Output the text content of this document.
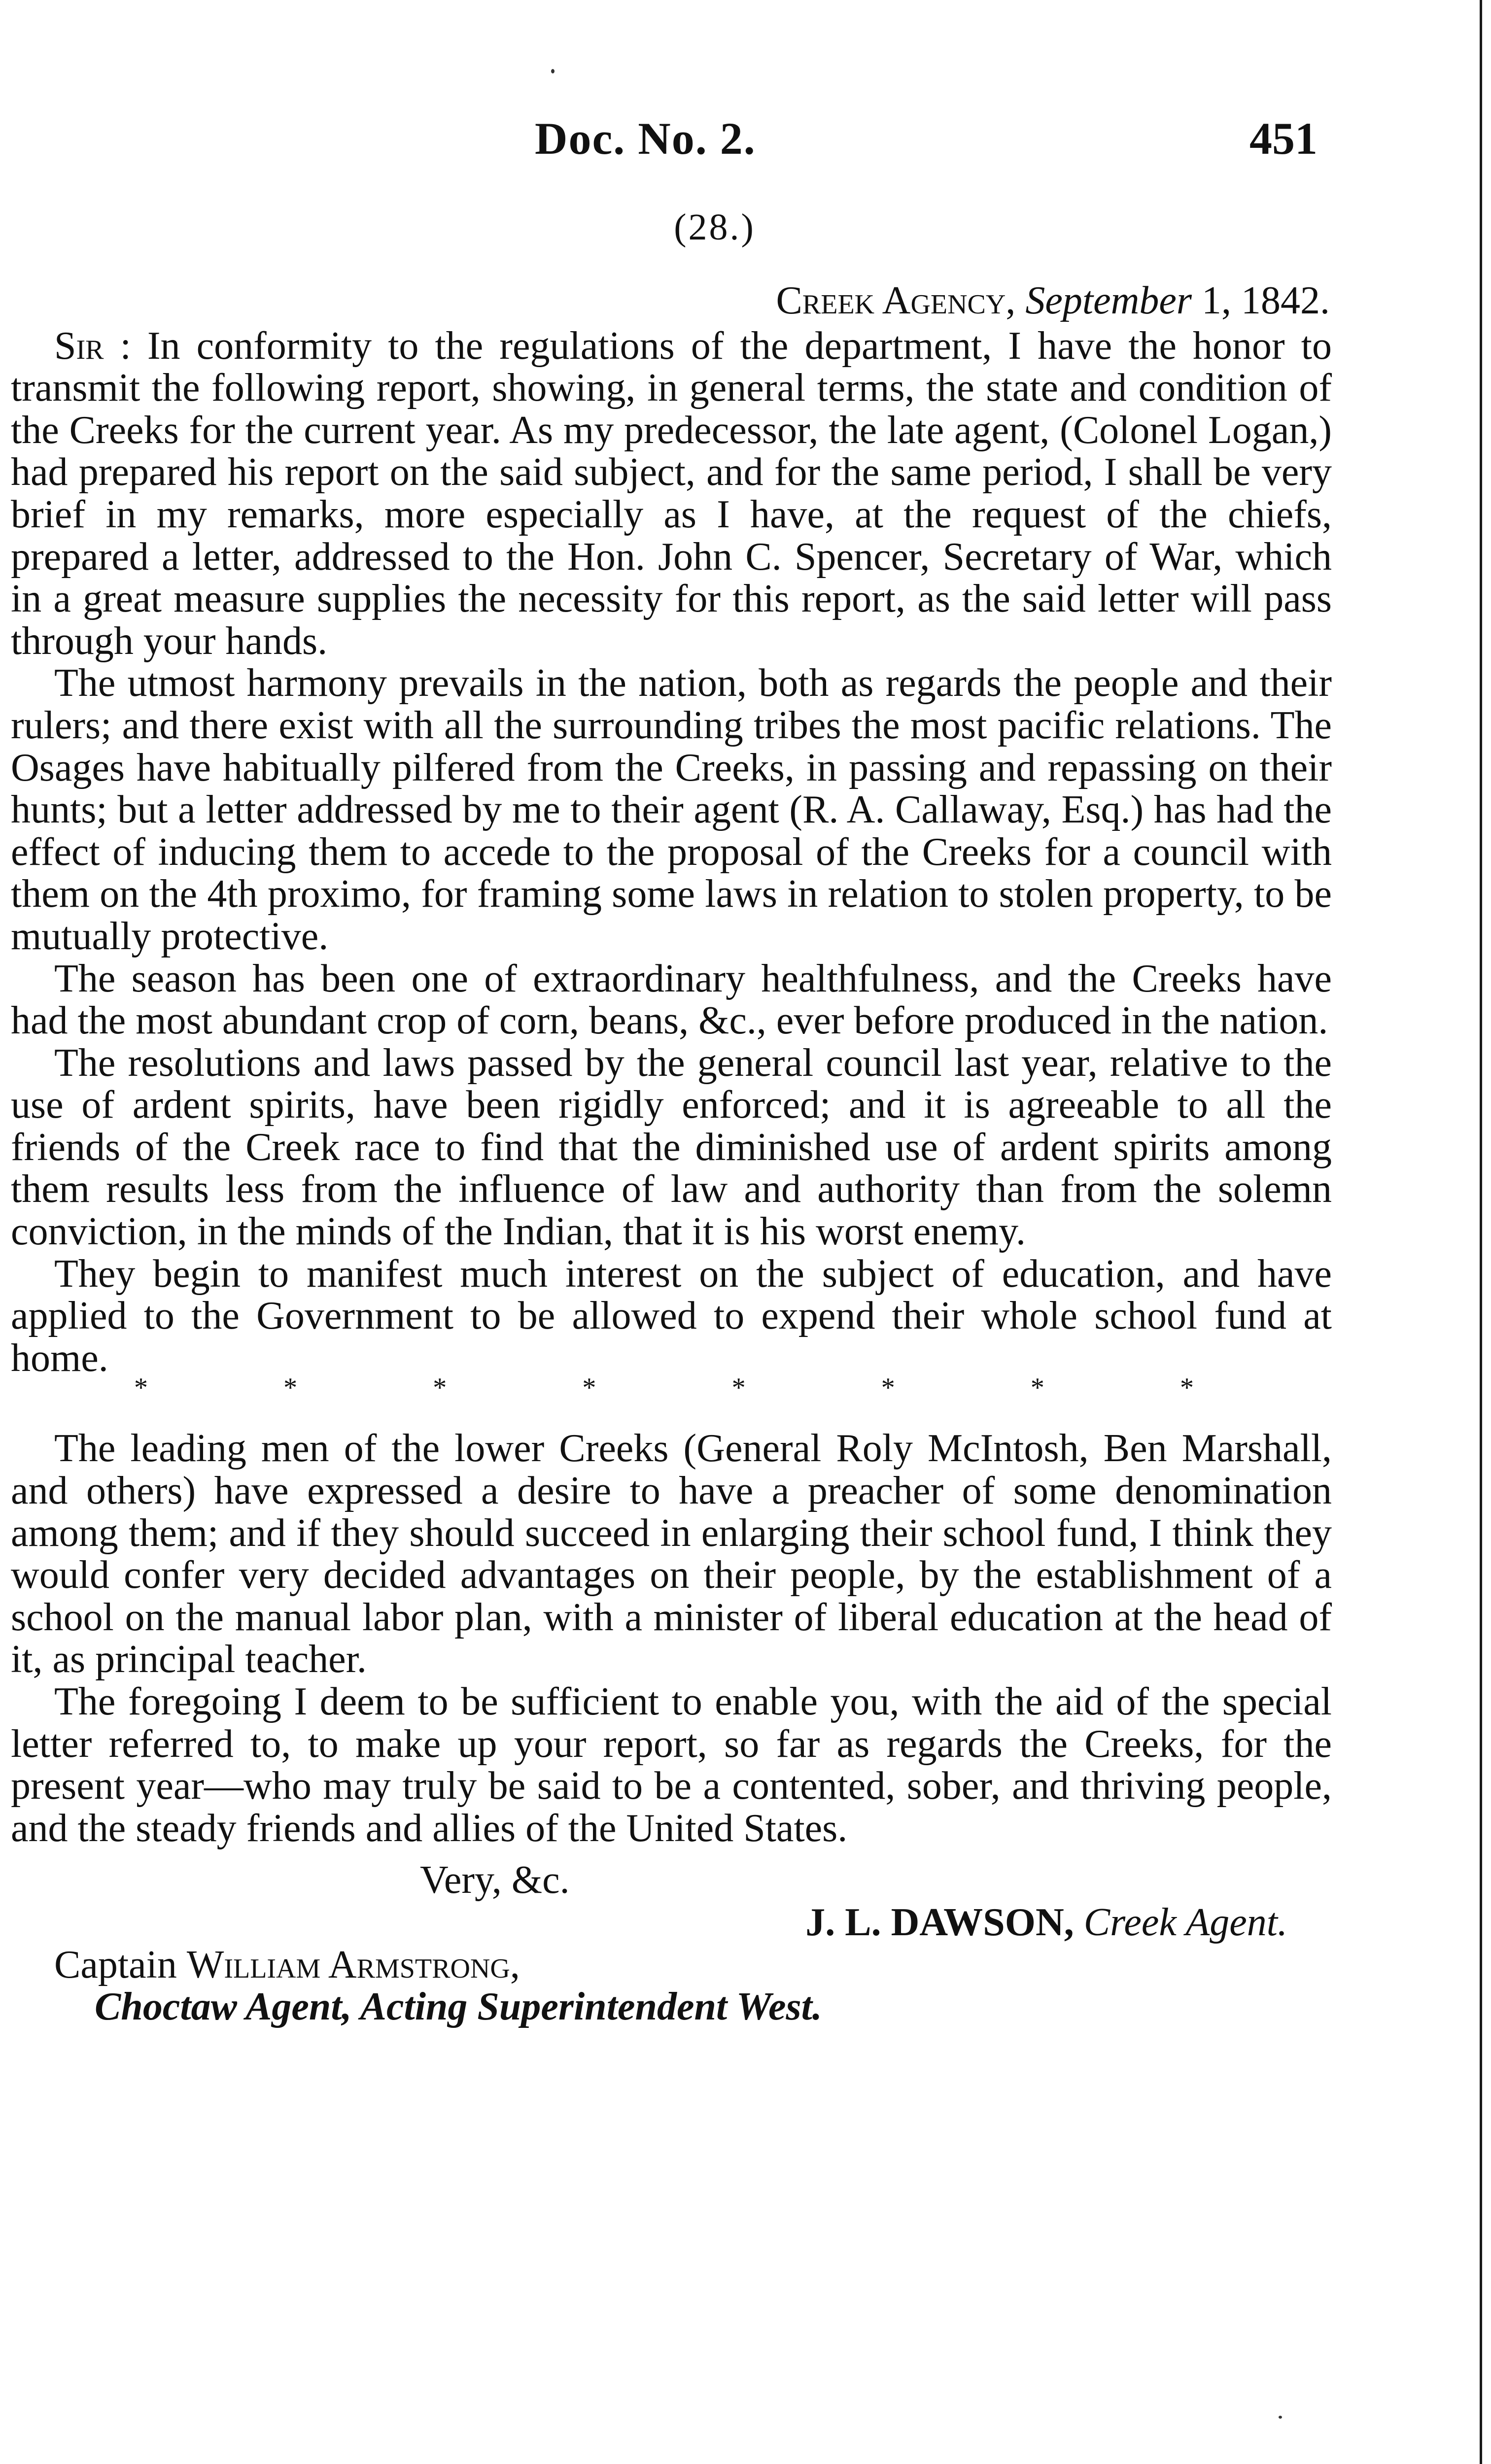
Doc. No. 2.	451
(28.)

Creek Agency, September 1, 1842.

Sir : In conformity to the regulations of the department, I have the honor to transmit the following report, showing, in general terms, the state and condition of the Creeks for the current year. As my predecessor, the late agent, (Colonel Logan,) had prepared his report on the said subject, and for the same period, I shall be very brief in my remarks, more especially as I have, at the request of the chiefs, prepared a letter, addressed to the Hon. John C. Spencer, Secretary of War, which in a great measure supplies the necessity for this report, as the said letter will pass through your hands.

The utmost harmony prevails in the nation, both as regards the people and their rulers; and there exist with all the surrounding tribes the most pacific relations. The Osages have habitually pilfered from the Creeks, in passing and repassing on their hunts; but a letter addressed by me to their agent (R. A. Callaway, Esq.) has had the effect of inducing them to accede to the proposal of the Creeks for a council with them on the 4th proximo, for framing some laws in relation to stolen property, to be mutually protective.

The season has been one of extraordinary healthfulness, and the Creeks have had the most abundant crop of corn, beans, &c., ever before produced in the nation.

The resolutions and laws passed by the general council last year, relative to the use of ardent spirits, have been rigidly enforced; and it is agreeable to all the friends of the Creek race to find that the diminished use of ardent spirits among them results less from the influence of law and authority than from the solemn conviction, in the minds of the Indian, that it is his worst enemy.

They begin to manifest much interest on the subject of education, and have applied to the Government to be allowed to expend their whole school fund at home.

*	*	*	*	*	*	*	*

The leading men of the lower Creeks (General Roly McIntosh, Ben Marshall, and others) have expressed a desire to have a preacher of some denomination among them; and if they should succeed in enlarging their school fund, I think they would confer very decided advantages on their people, by the establishment of a school on the manual labor plan, with a minister of liberal education at the head of it, as principal teacher.

The foregoing I deem to be sufficient to enable you, with the aid of the special letter referred to, to make up your report, so far as regards the Creeks, for the present year—who may truly be said to be a contented, sober, and thriving people, and the steady friends and allies of the United States.

Very, &c.

J. L. DAWSON, Creek Agent.

Captain William Armstrong,

Choctaw Agent, Acting Superintendent West.
